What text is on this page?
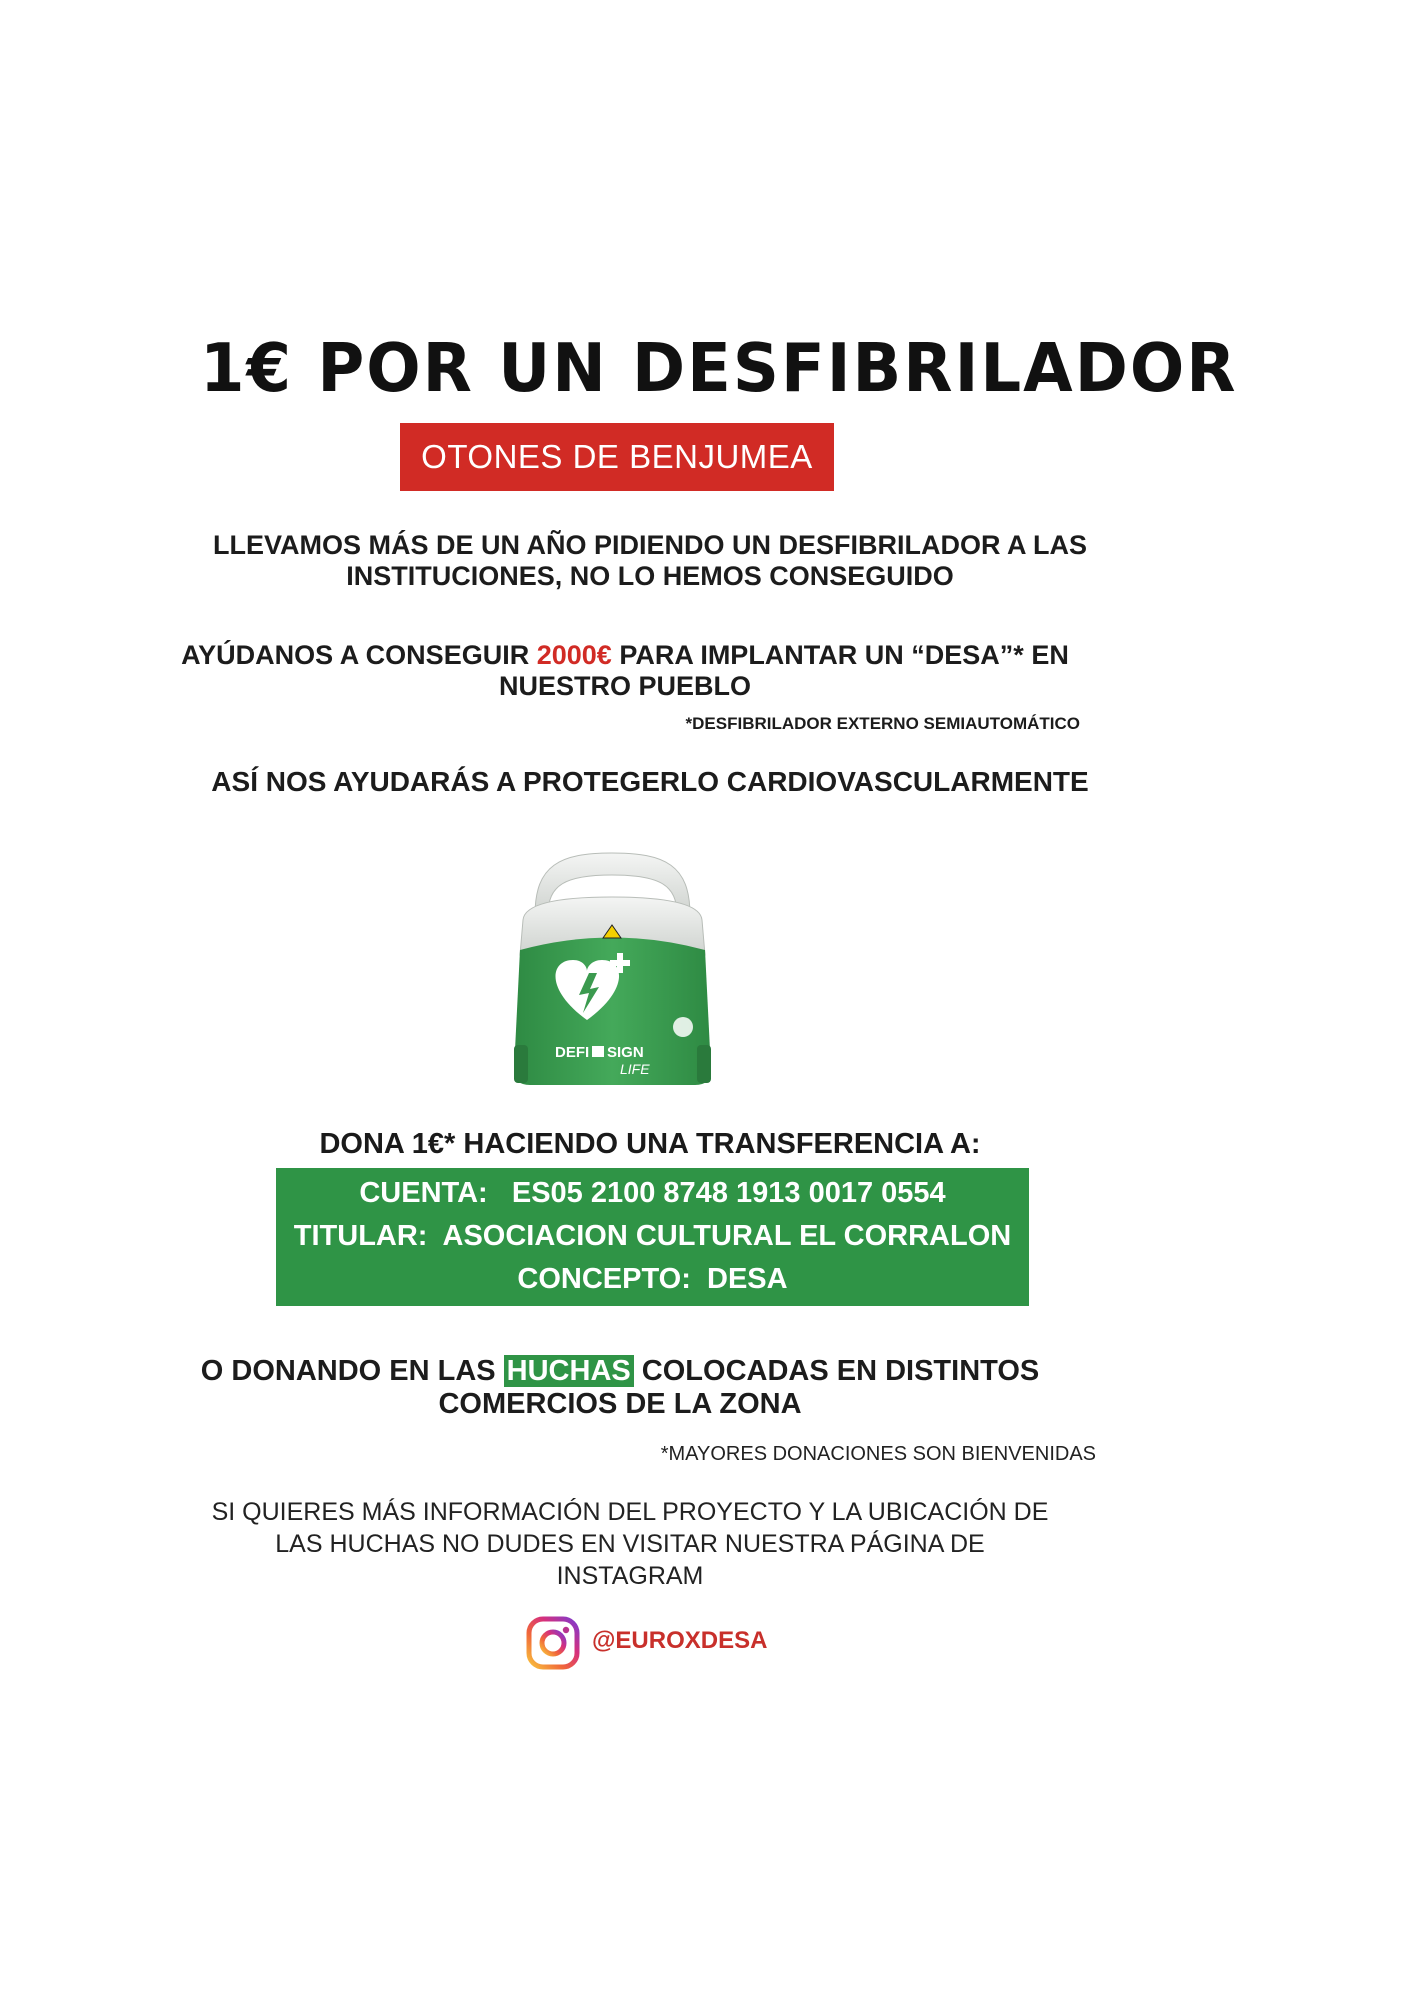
1€ POR UN DESFIBRILADOR
OTONES DE BENJUMEA
LLEVAMOS MÁS DE UN AÑO PIDIENDO UN DESFIBRILADOR A LAS INSTITUCIONES, NO LO HEMOS CONSEGUIDO
AYÚDANOS A CONSEGUIR 2000€ PARA IMPLANTAR UN “DESA”* EN NUESTRO PUEBLO
*DESFIBRILADOR EXTERNO SEMIAUTOMÁTICO
ASÍ NOS AYUDARÁS A PROTEGERLO CARDIOVASCULARMENTE
DEFI SIGN
LIFE
DONA 1€* HACIENDO UNA TRANSFERENCIA A:
CUENTA: ES05 2100 8748 1913 0017 0554
TITULAR: ASOCIACION CULTURAL EL CORRALON
CONCEPTO: DESA
O DONANDO EN LAS HUCHAS COLOCADAS EN DISTINTOS COMERCIOS DE LA ZONA
*MAYORES DONACIONES SON BIENVENIDAS
SI QUIERES MÁS INFORMACIÓN DEL PROYECTO Y LA UBICACIÓN DE LAS HUCHAS NO DUDES EN VISITAR NUESTRA PÁGINA DE INSTAGRAM
@EUROXDESA
